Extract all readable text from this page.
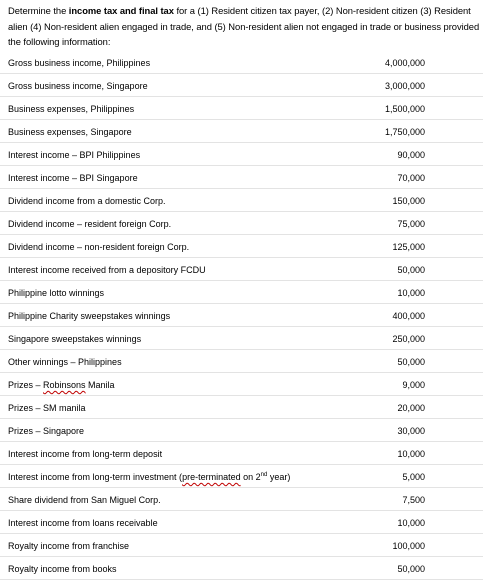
Determine the income tax and final tax for a (1) Resident citizen tax payer, (2) Non-resident citizen (3) Resident alien (4) Non-resident alien engaged in trade, and (5) Non-resident alien not engaged in trade or business provided the following information:
Gross business income, Philippines	4,000,000
Gross business income, Singapore	3,000,000
Business expenses, Philippines	1,500,000
Business expenses, Singapore	1,750,000
Interest income – BPI Philippines	90,000
Interest income – BPI Singapore	70,000
Dividend income from a domestic Corp.	150,000
Dividend income – resident foreign Corp.	75,000
Dividend income – non-resident foreign Corp.	125,000
Interest income received from a depository FCDU	50,000
Philippine lotto winnings	10,000
Philippine Charity sweepstakes winnings	400,000
Singapore sweepstakes winnings	250,000
Other winnings – Philippines	50,000
Prizes – Robinsons Manila	9,000
Prizes – SM manila	20,000
Prizes – Singapore	30,000
Interest income from long-term deposit	10,000
Interest income from long-term investment (pre-terminated on 2nd year)	5,000
Share dividend from San Miguel Corp.	7,500
Interest income from loans receivable	10,000
Royalty income from franchise	100,000
Royalty income from books	50,000
